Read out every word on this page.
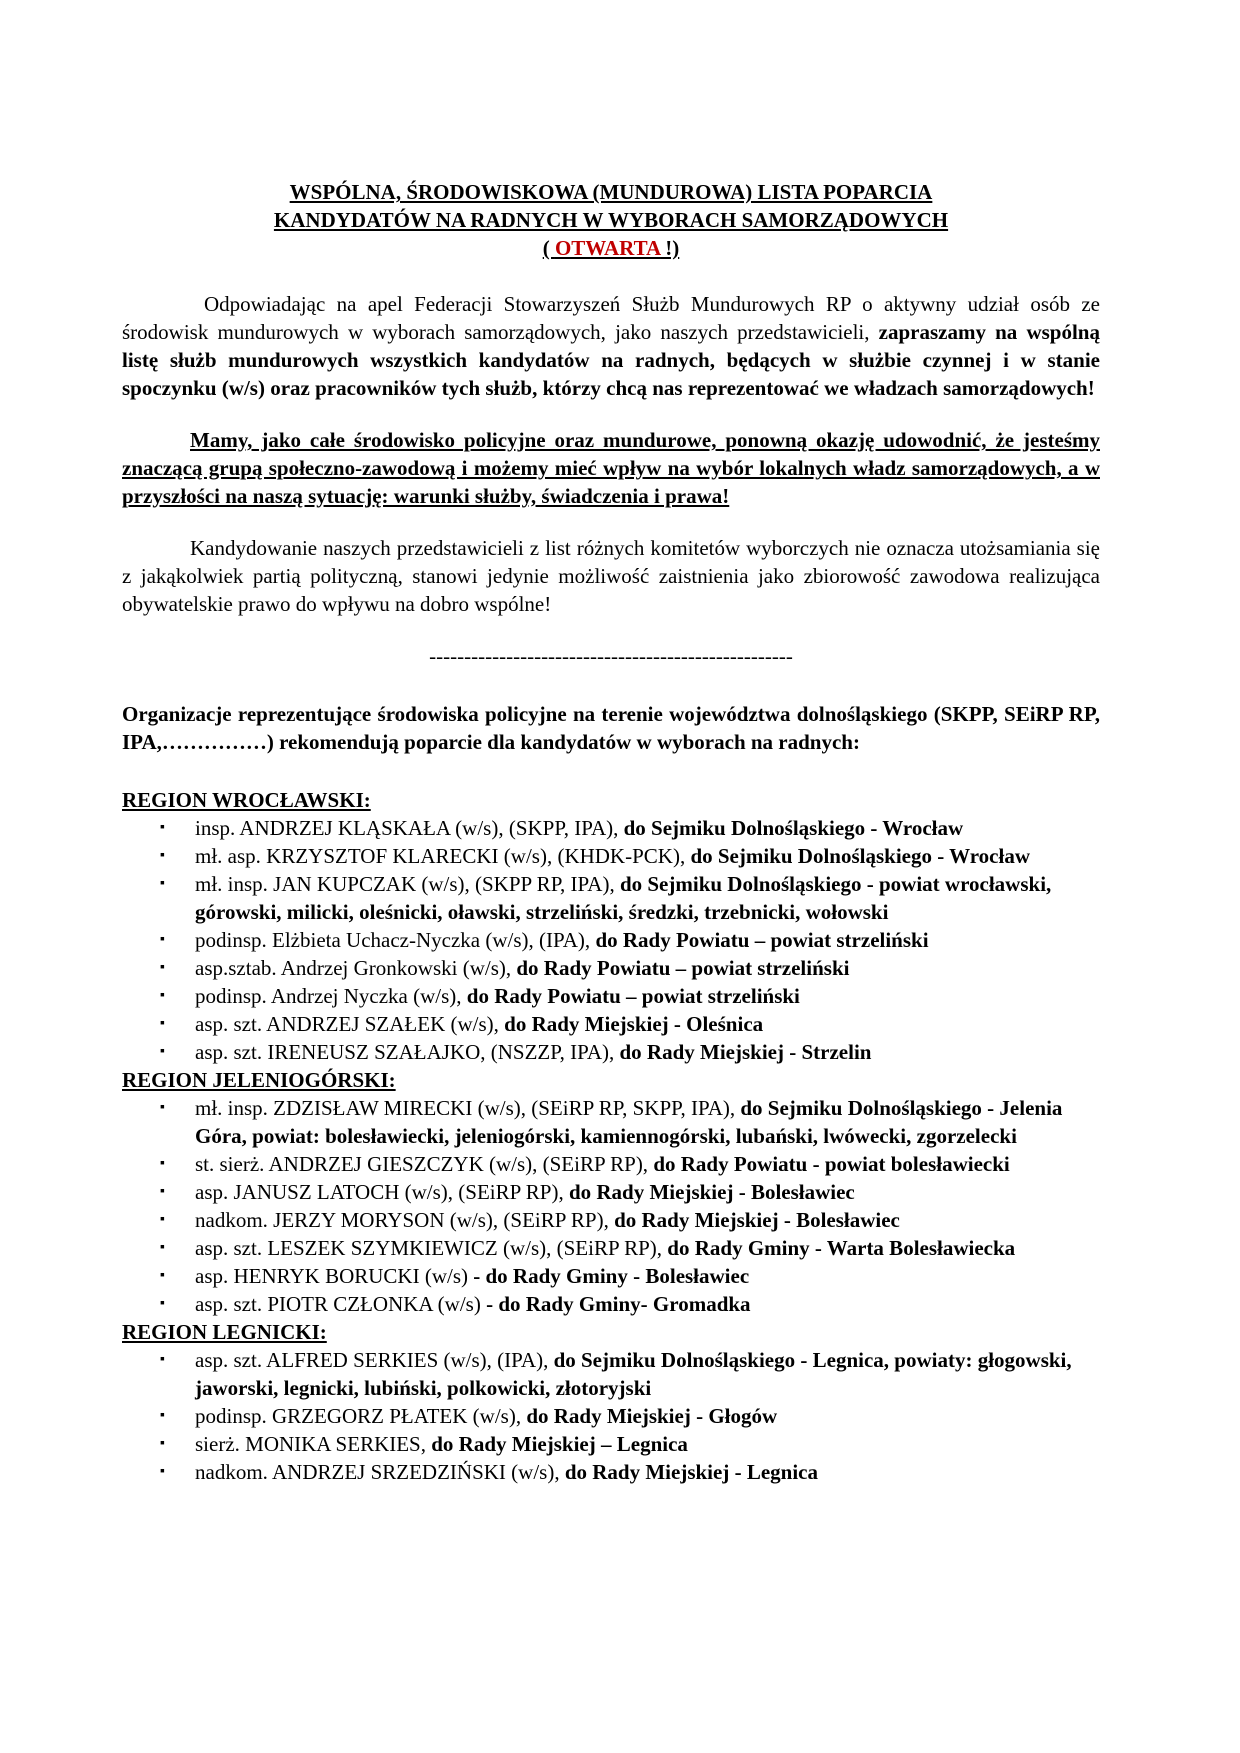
WSPÓLNA, ŚRODOWISKOWA (MUNDUROWA) LISTA POPARCIA
KANDYDATÓW NA RADNYCH W WYBORACH SAMORZĄDOWYCH
( OTWARTA !)
Odpowiadając na apel Federacji Stowarzyszeń Służb Mundurowych RP o aktywny udział osób ze środowisk mundurowych w wyborach samorządowych, jako naszych przedstawicieli, zapraszamy na wspólną listę służb mundurowych wszystkich kandydatów na radnych, będących w służbie czynnej i w stanie spoczynku (w/s) oraz pracowników tych służb, którzy chcą nas reprezentować we władzach samorządowych!
Mamy, jako całe środowisko policyjne oraz mundurowe, ponowną okazję udowodnić, że jesteśmy znaczącą grupą społeczno-zawodową i możemy mieć wpływ na wybór lokalnych władz samorządowych, a w przyszłości na naszą sytuację: warunki służby, świadczenia i prawa!
Kandydowanie naszych przedstawicieli z list różnych komitetów wyborczych nie oznacza utożsamiania się z jakąkolwiek partią polityczną, stanowi jedynie możliwość zaistnienia jako zbiorowość zawodowa realizująca obywatelskie prawo do wpływu na dobro wspólne!
----------------------------------------------------
Organizacje reprezentujące środowiska policyjne na terenie województwa dolnośląskiego (SKPP, SEiRP RP, IPA,……………) rekomendują poparcie dla kandydatów w wyborach na radnych:
REGION WROCŁAWSKI:
▪ insp. ANDRZEJ KLĄSKAŁA (w/s), (SKPP, IPA), do Sejmiku Dolnośląskiego - Wrocław
▪ mł. asp. KRZYSZTOF KLARECKI (w/s), (KHDK-PCK), do Sejmiku Dolnośląskiego - Wrocław
▪ mł. insp. JAN KUPCZAK (w/s), (SKPP RP, IPA), do Sejmiku Dolnośląskiego - powiat wrocławski, górowski, milicki, oleśnicki, oławski, strzeliński, średzki, trzebnicki, wołowski
▪ podinsp. Elżbieta Uchacz-Nyczka (w/s), (IPA), do Rady Powiatu – powiat strzeliński
▪ asp.sztab. Andrzej Gronkowski (w/s), do Rady Powiatu – powiat strzeliński
▪ podinsp. Andrzej Nyczka (w/s), do Rady Powiatu – powiat strzeliński
▪ asp. szt. ANDRZEJ SZAŁEK (w/s), do Rady Miejskiej - Oleśnica
▪ asp. szt. IRENEUSZ SZAŁAJKO, (NSZZP, IPA), do Rady Miejskiej - Strzelin
REGION JELENIOGÓRSKI:
▪ mł. insp. ZDZISŁAW MIRECKI (w/s), (SEiRP RP, SKPP, IPA), do Sejmiku Dolnośląskiego - Jelenia Góra, powiat: bolesławiecki, jeleniogórski, kamiennogórski, lubański, lwówecki, zgorzelecki
▪ st. sierż. ANDRZEJ GIESZCZYK (w/s), (SEiRP RP), do Rady Powiatu - powiat bolesławiecki
▪ asp. JANUSZ LATOCH (w/s), (SEiRP RP), do Rady Miejskiej - Bolesławiec
▪ nadkom. JERZY MORYSON (w/s), (SEiRP RP), do Rady Miejskiej - Bolesławiec
▪ asp. szt. LESZEK SZYMKIEWICZ (w/s), (SEiRP RP), do Rady Gminy - Warta Bolesławiecka
▪ asp. HENRYK BORUCKI (w/s) - do Rady Gminy - Bolesławiec
▪ asp. szt. PIOTR CZŁONKA (w/s) - do Rady Gminy- Gromadka
REGION LEGNICKI:
▪ asp. szt. ALFRED SERKIES (w/s), (IPA), do Sejmiku Dolnośląskiego - Legnica, powiaty: głogowski, jaworski, legnicki, lubiński, polkowicki, złotoryjski
▪ podinsp. GRZEGORZ PŁATEK (w/s), do Rady Miejskiej - Głogów
▪ sierż. MONIKA SERKIES, do Rady Miejskiej – Legnica
▪ nadkom. ANDRZEJ SRZEDZIŃSKI (w/s), do Rady Miejskiej - Legnica
